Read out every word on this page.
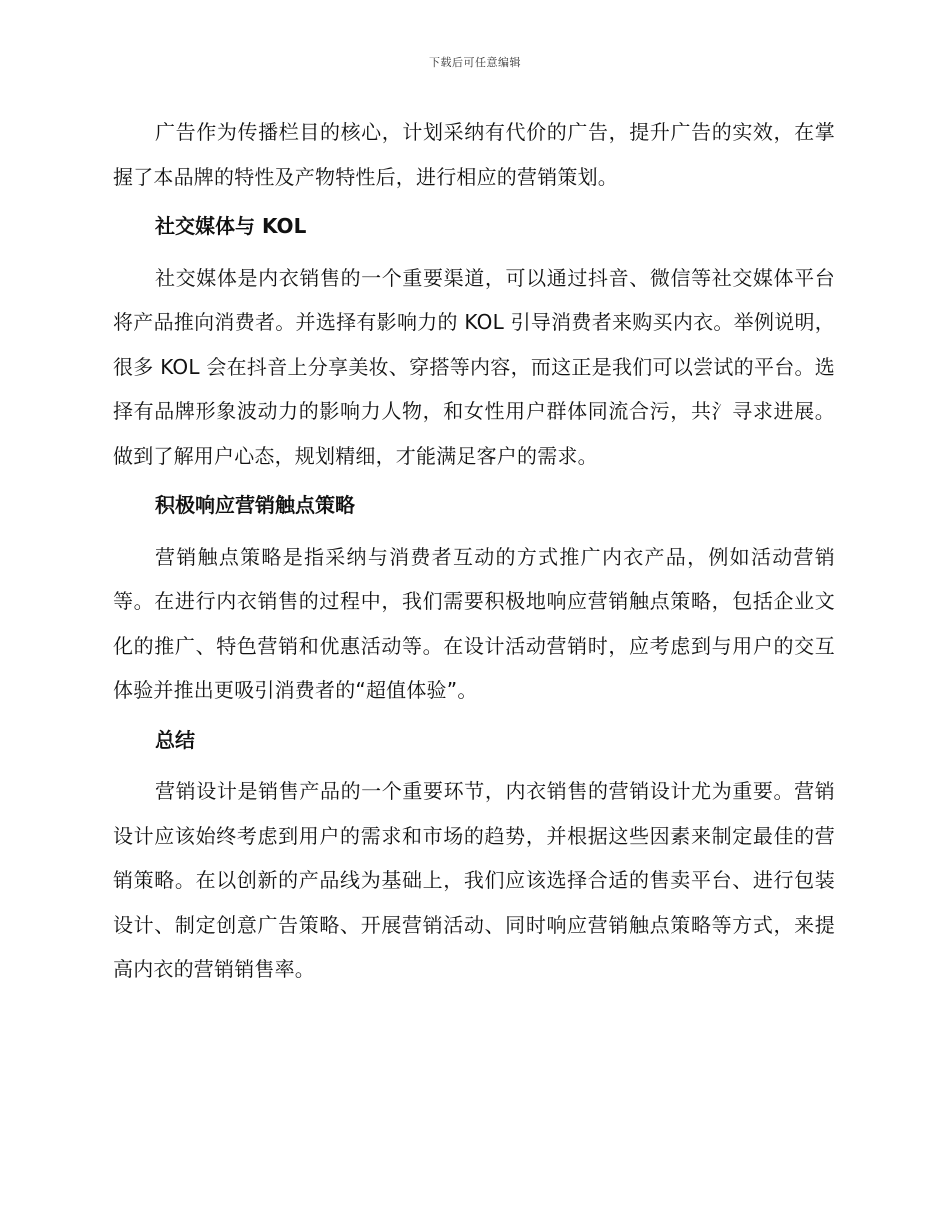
下载后可任意编辑

广告作为传播栏目的核心，计划采纳有代价的广告，提升广告的实效，在掌握了本品牌的特性及产物特性后，进行相应的营销策划。

社交媒体与 KOL

社交媒体是内衣销售的一个重要渠道，可以通过抖音、微信等社交媒体平台将产品推向消费者。并选择有影响力的 KOL 引导消费者来购买内衣。举例说明，很多 KOL 会在抖音上分享美妆、穿搭等内容，而这正是我们可以尝试的平台。选择有品牌形象波动力的影响力人物，和女性用户群体同流合污，共氵寻求进展。做到了解用户心态，规划精细，才能满足客户的需求。

积极响应营销触点策略

营销触点策略是指采纳与消费者互动的方式推广内衣产品，例如活动营销等。在进行内衣销售的过程中，我们需要积极地响应营销触点策略，包括企业文化的推广、特色营销和优惠活动等。在设计活动营销时，应考虑到与用户的交互体验并推出更吸引消费者的“超值体验”。

总结

营销设计是销售产品的一个重要环节，内衣销售的营销设计尤为重要。营销设计应该始终考虑到用户的需求和市场的趋势，并根据这些因素来制定最佳的营销策略。在以创新的产品线为基础上，我们应该选择合适的售卖平台、进行包装设计、制定创意广告策略、开展营销活动、同时响应营销触点策略等方式，来提高内衣的营销销售率。
